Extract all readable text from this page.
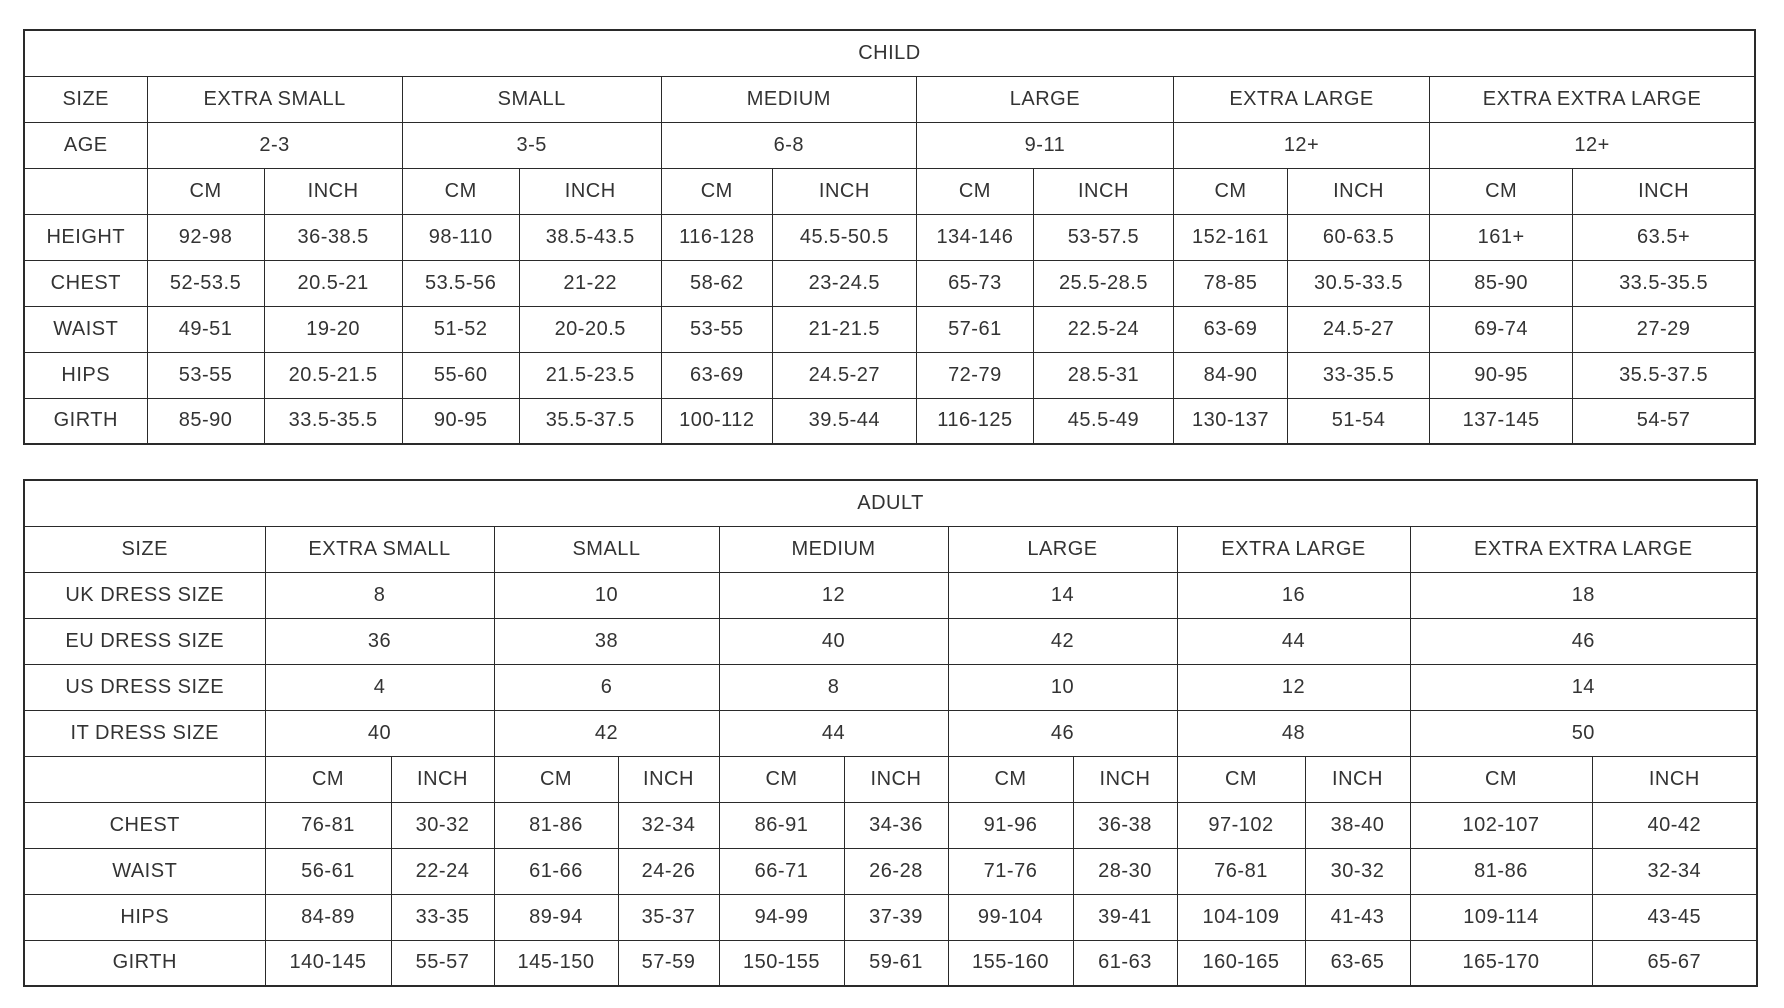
CHILD												
SIZE	EXTRA SMALL		SMALL		MEDIUM		LARGE		EXTRA LARGE		EXTRA EXTRA LARGE	
AGE	2-3		3-5		6-8		9-11		12+		12+	
	CM	INCH	CM	INCH	CM	INCH	CM	INCH	CM	INCH	CM	INCH
HEIGHT	92-98	36-38.5	98-110	38.5-43.5	116-128	45.5-50.5	134-146	53-57.5	152-161	60-63.5	161+	63.5+
CHEST	52-53.5	20.5-21	53.5-56	21-22	58-62	23-24.5	65-73	25.5-28.5	78-85	30.5-33.5	85-90	33.5-35.5
WAIST	49-51	19-20	51-52	20-20.5	53-55	21-21.5	57-61	22.5-24	63-69	24.5-27	69-74	27-29
HIPS	53-55	20.5-21.5	55-60	21.5-23.5	63-69	24.5-27	72-79	28.5-31	84-90	33-35.5	90-95	35.5-37.5
GIRTH	85-90	33.5-35.5	90-95	35.5-37.5	100-112	39.5-44	116-125	45.5-49	130-137	51-54	137-145	54-57
ADULT												
SIZE	EXTRA SMALL		SMALL		MEDIUM		LARGE		EXTRA LARGE		EXTRA EXTRA LARGE	
UK DRESS SIZE	8		10		12		14		16		18	
EU DRESS SIZE	36		38		40		42		44		46	
US DRESS SIZE	4		6		8		10		12		14	
IT DRESS SIZE	40		42		44		46		48		50	
	CM	INCH	CM	INCH	CM	INCH	CM	INCH	CM	INCH	CM	INCH
CHEST	76-81	30-32	81-86	32-34	86-91	34-36	91-96	36-38	97-102	38-40	102-107	40-42
WAIST	56-61	22-24	61-66	24-26	66-71	26-28	71-76	28-30	76-81	30-32	81-86	32-34
HIPS	84-89	33-35	89-94	35-37	94-99	37-39	99-104	39-41	104-109	41-43	109-114	43-45
GIRTH	140-145	55-57	145-150	57-59	150-155	59-61	155-160	61-63	160-165	63-65	165-170	65-67
